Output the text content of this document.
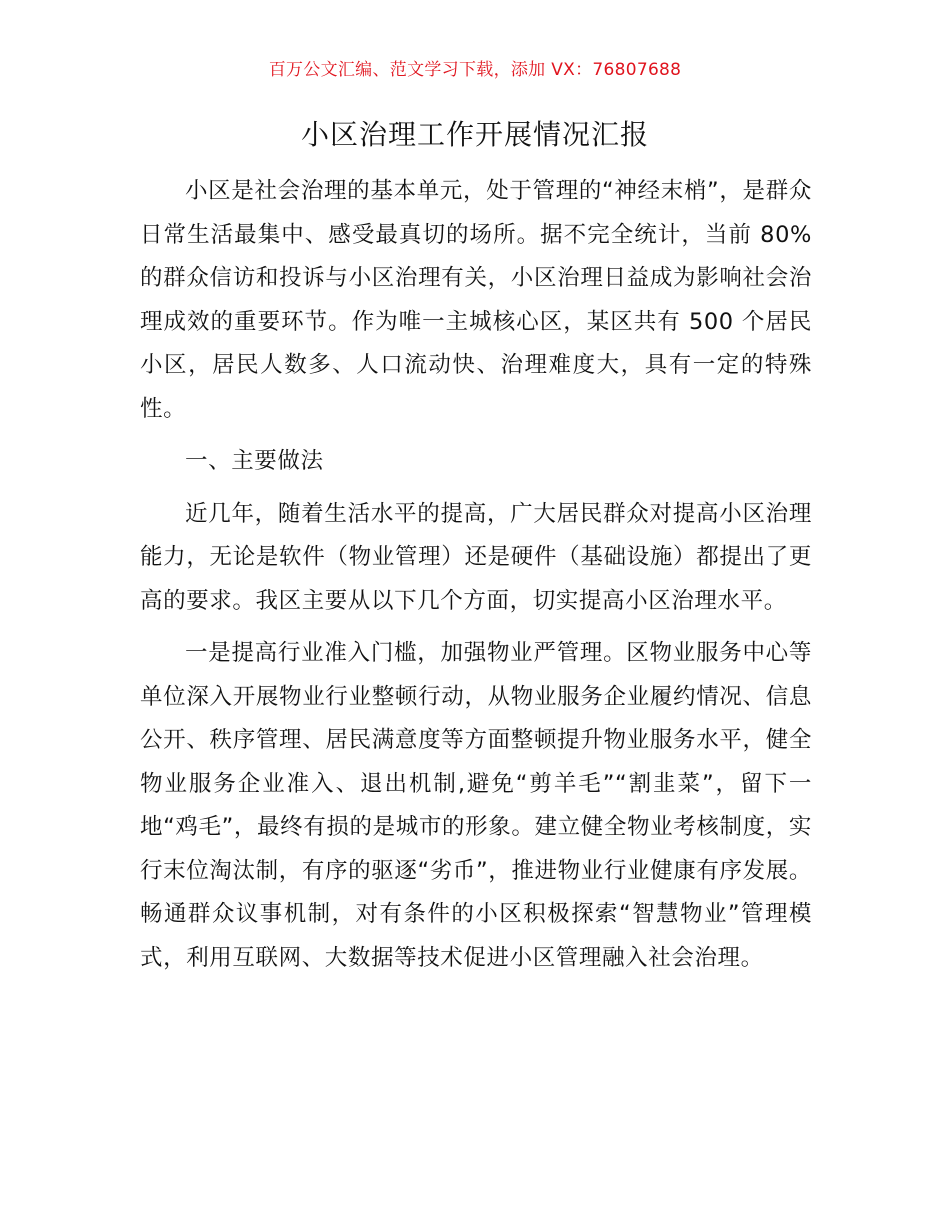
百万公文汇编、范文学习下载，添加 VX：76807688
小区治理工作开展情况汇报

小区是社会治理的基本单元，处于管理的“神经末梢”，是群众日常生活最集中、感受最真切的场所。据不完全统计，当前 80%的群众信访和投诉与小区治理有关，小区治理日益成为影响社会治理成效的重要环节。作为唯一主城核心区，某区共有 500 个居民小区，居民人数多、人口流动快、治理难度大，具有一定的特殊性。

一、主要做法

近几年，随着生活水平的提高，广大居民群众对提高小区治理能力，无论是软件（物业管理）还是硬件（基础设施）都提出了更高的要求。我区主要从以下几个方面，切实提高小区治理水平。

一是提高行业准入门槛，加强物业严管理。区物业服务中心等单位深入开展物业行业整顿行动，从物业服务企业履约情况、信息公开、秩序管理、居民满意度等方面整顿提升物业服务水平，健全物业服务企业准入、退出机制,避免“剪羊毛”“割韭菜”，留下一地“鸡毛”，最终有损的是城市的形象。建立健全物业考核制度，实行末位淘汰制，有序的驱逐“劣币”，推进物业行业健康有序发展。畅通群众议事机制，对有条件的小区积极探索“智慧物业”管理模式，利用互联网、大数据等技术促进小区管理融入社会治理。
